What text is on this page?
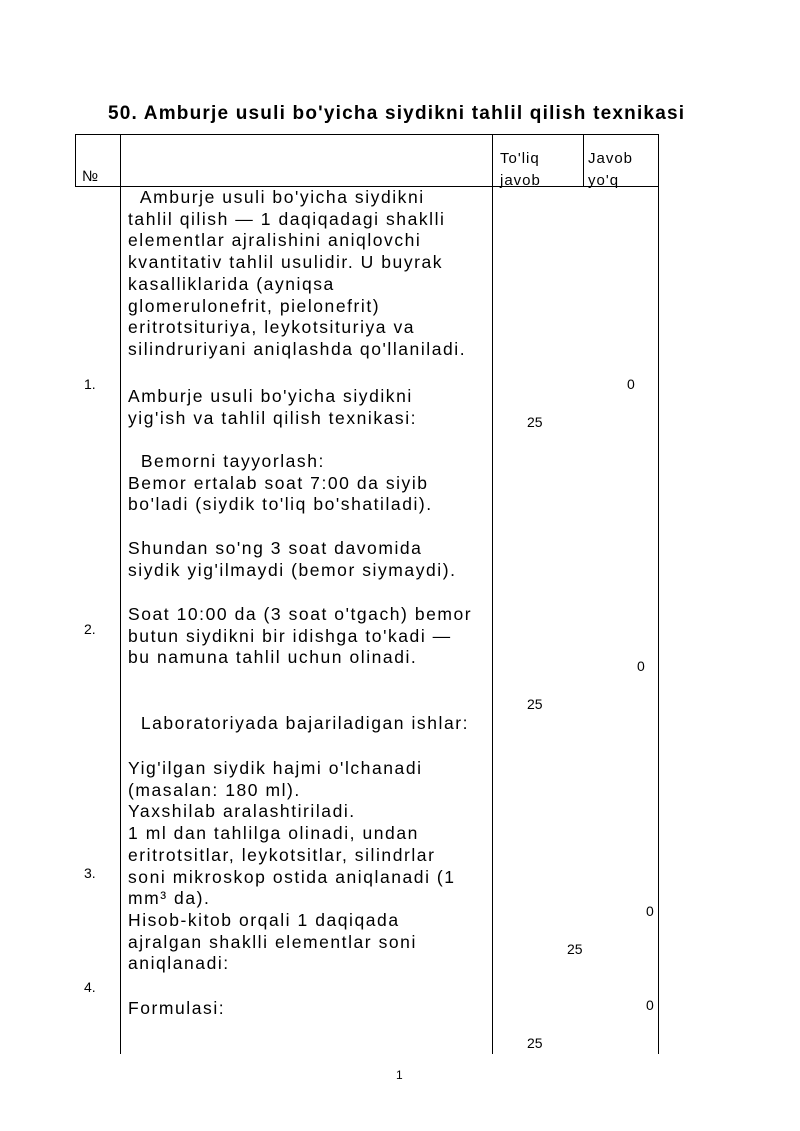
50. Amburje usuli bo'yicha siydikni tahlil qilish texnikasi
№
To'liq
javob
Javob
yo'q
1.
2.
3.
4.
25
25
25
25
0
0
0
0
Amburje usuli bo'yicha siydikni
tahlil qilish — 1 daqiqadagi shaklli
elementlar ajralishini aniqlovchi
kvantitativ tahlil usulidir. U buyrak
kasalliklarida (ayniqsa
glomerulonefrit, pielonefrit)
eritrotsituriya, leykotsituriya va
silindruriyani aniqlashda qo'llaniladi.
Amburje usuli bo'yicha siydikni
yig'ish va tahlil qilish texnikasi:
Bemorni tayyorlash:
Bemor ertalab soat 7:00 da siyib
bo'ladi (siydik to'liq bo'shatiladi).
Shundan so'ng 3 soat davomida
siydik yig'ilmaydi (bemor siymaydi).
Soat 10:00 da (3 soat o'tgach) bemor
butun siydikni bir idishga to'kadi —
bu namuna tahlil uchun olinadi.
Laboratoriyada bajariladigan ishlar:
Yig'ilgan siydik hajmi o'lchanadi
(masalan: 180 ml).
Yaxshilab aralashtiriladi.
1 ml dan tahlilga olinadi, undan
eritrotsitlar, leykotsitlar, silindrlar
soni mikroskop ostida aniqlanadi (1
mm³ da).
Hisob-kitob orqali 1 daqiqada
ajralgan shaklli elementlar soni
aniqlanadi:
Formulasi:
1
